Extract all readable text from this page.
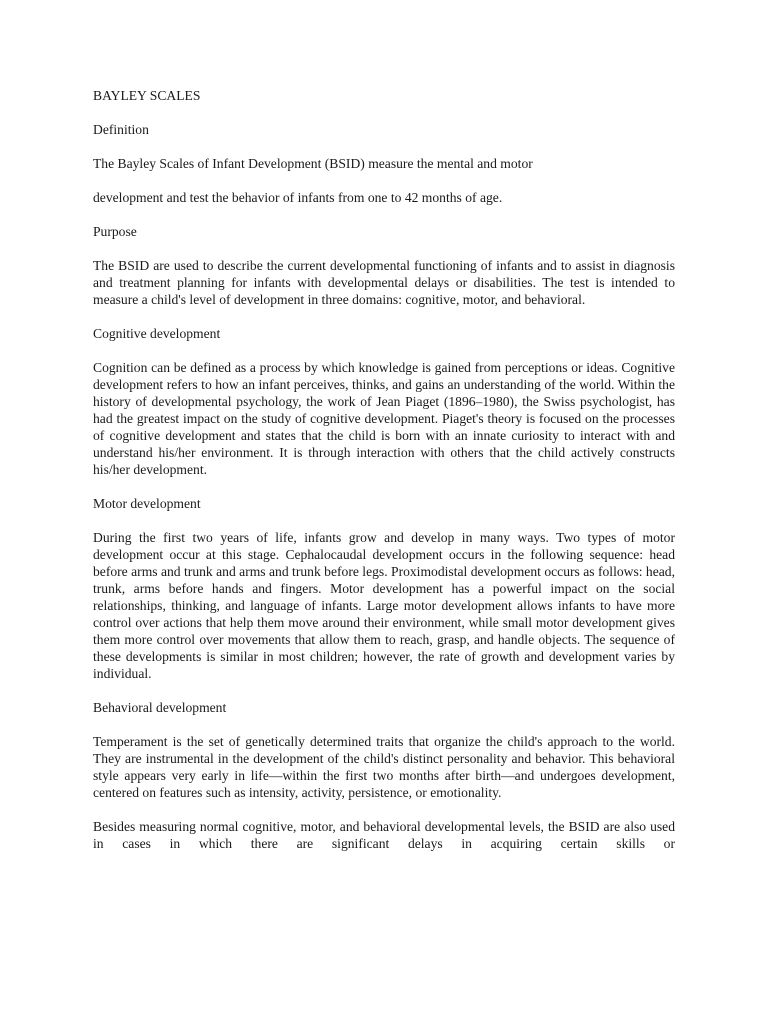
BAYLEY SCALES

Definition

The Bayley Scales of Infant Development (BSID) measure the mental and motor

development and test the behavior of infants from one to 42 months of age.

Purpose

The BSID are used to describe the current developmental functioning of infants and to assist in diagnosis and treatment planning for infants with developmental delays or disabilities. The test is intended to measure a child's level of development in three domains: cognitive, motor, and behavioral.

Cognitive development

Cognition can be defined as a process by which knowledge is gained from perceptions or ideas. Cognitive development refers to how an infant perceives, thinks, and gains an understanding of the world. Within the history of developmental psychology, the work of Jean Piaget (1896–1980), the Swiss psychologist, has had the greatest impact on the study of cognitive development. Piaget's theory is focused on the processes of cognitive development and states that the child is born with an innate curiosity to interact with and understand his/her environment. It is through interaction with others that the child actively constructs his/her development.

Motor development

During the first two years of life, infants grow and develop in many ways. Two types of motor development occur at this stage. Cephalocaudal development occurs in the following sequence: head before arms and trunk and arms and trunk before legs. Proximodistal development occurs as follows: head, trunk, arms before hands and fingers. Motor development has a powerful impact on the social relationships, thinking, and language of infants. Large motor development allows infants to have more control over actions that help them move around their environment, while small motor development gives them more control over movements that allow them to reach, grasp, and handle objects. The sequence of these developments is similar in most children; however, the rate of growth and development varies by individual.

Behavioral development

Temperament is the set of genetically determined traits that organize the child's approach to the world. They are instrumental in the development of the child's distinct personality and behavior. This behavioral style appears very early in life—within the first two months after birth—and undergoes development, centered on features such as intensity, activity, persistence, or emotionality.

Besides measuring normal cognitive, motor, and behavioral developmental levels, the BSID are also used in cases in which there are significant delays in acquiring certain skills or
